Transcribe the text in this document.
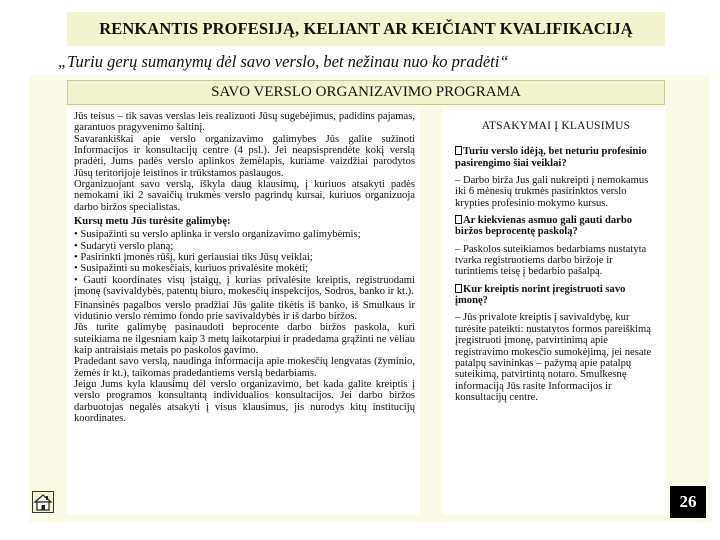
RENKANTIS PROFESIJĄ, KELIANT AR KEIČIANT KVALIFIKACIJĄ
„Turiu gerų sumanymų dėl savo verslo, bet nežinau nuo ko pradėti“
SAVO VERSLO ORGANIZAVIMO PROGRAMA

Jūs teisus – tik savas verslas leis realizuoti Jūsų sugebėjimus, padidins pajamas, garantuos pragyvenimo šaltinį.

Savarankiškai apie verslo organizavimo galimybes Jūs galite sužinoti Informacijos ir konsultacijų centre (4 psl.). Jei neapsisprendėte kokį verslą pradėti, Jums padės verslo aplinkos žemėlapis, kuriame vaizdžiai parodytos Jūsų teritorijoje leistinos ir trūkstamos paslaugos.

Organizuojant savo verslą, iškyla daug klausimų, į kuriuos atsakyti padės nemokami iki 2 savaičių trukmės verslo pagrindų kursai, kuriuos organizuoja darbo biržos specialistas.

Kursų metu Jūs turėsite galimybę:

• Susipažinti su verslo aplinka ir verslo organizavimo galimybėmis;

• Sudaryti verslo planą;

• Pasirinkti įmonės rūšį, kuri geriausiai tiks Jūsų veiklai;

• Susipažinti su mokesčiais, kuriuos privalėsite mokėti;

• Gauti koordinates visų įstaigų, į kurias privalėsite kreiptis, registruodami įmonę (savivaldybės, patentų biuro, mokesčių inspekcijos, Sodros, banko ir kt.).

Finansinės pagalbos verslo pradžiai Jūs galite tikėtis iš banko, iš Smulkaus ir vidutinio verslo rėmimo fondo prie savivaldybės ir iš darbo biržos.

Jūs turite galimybę pasinaudoti beprocente darbo biržos paskola, kuri suteikiama ne ilgesniam kaip 3 metų laikotarpiui ir pradedama grąžinti ne vėliau kaip antraisiais metais po paskolos gavimo.

Pradedant savo verslą, naudinga informacija apie mokesčių lengvatas (žyminio, žemės ir kt.), taikomas pradedantiems verslą bedarbiams.

Jeigu Jums kyla klausimų dėl verslo organizavimo, bet kada galite kreiptis į verslo programos konsultantą individualios konsultacijos. Jei darbo biržos darbuotojas negalės atsakyti į visus klausimus, jis nurodys kitų institucijų koordinates.

ATSAKYMAI Į KLAUSIMUS
Turiu verslo idėją, bet neturiu profesinio pasirengimo šiai veiklai?

– Darbo birža Jus gali nukreipti į nemokamus iki 6 mėnesių trukmės pasirinktos verslo krypties profesinio mokymo kursus.

Ar kiekvienas asmuo gali gauti darbo biržos beprocentę paskolą?

– Paskolos suteikiamos bedarbiams nustatyta tvarka registruotiems darbo biržoje ir turintiems teisę į bedarbio pašalpą.

Kur kreiptis norint įregistruoti savo įmonę?

– Jūs privalote kreiptis į savivaldybę, kur turėsite pateikti: nustatytos formos pareiškimą įregistruoti įmonę, patvirtinimą apie registravimo mokesčio sumokėjimą, jei nesate patalpų savininkas – pažymą apie patalpų suteikimą, patvirtintą notaro. Smulkesnę informaciją Jūs rasite Informacijos ir konsultacijų centre.

26
